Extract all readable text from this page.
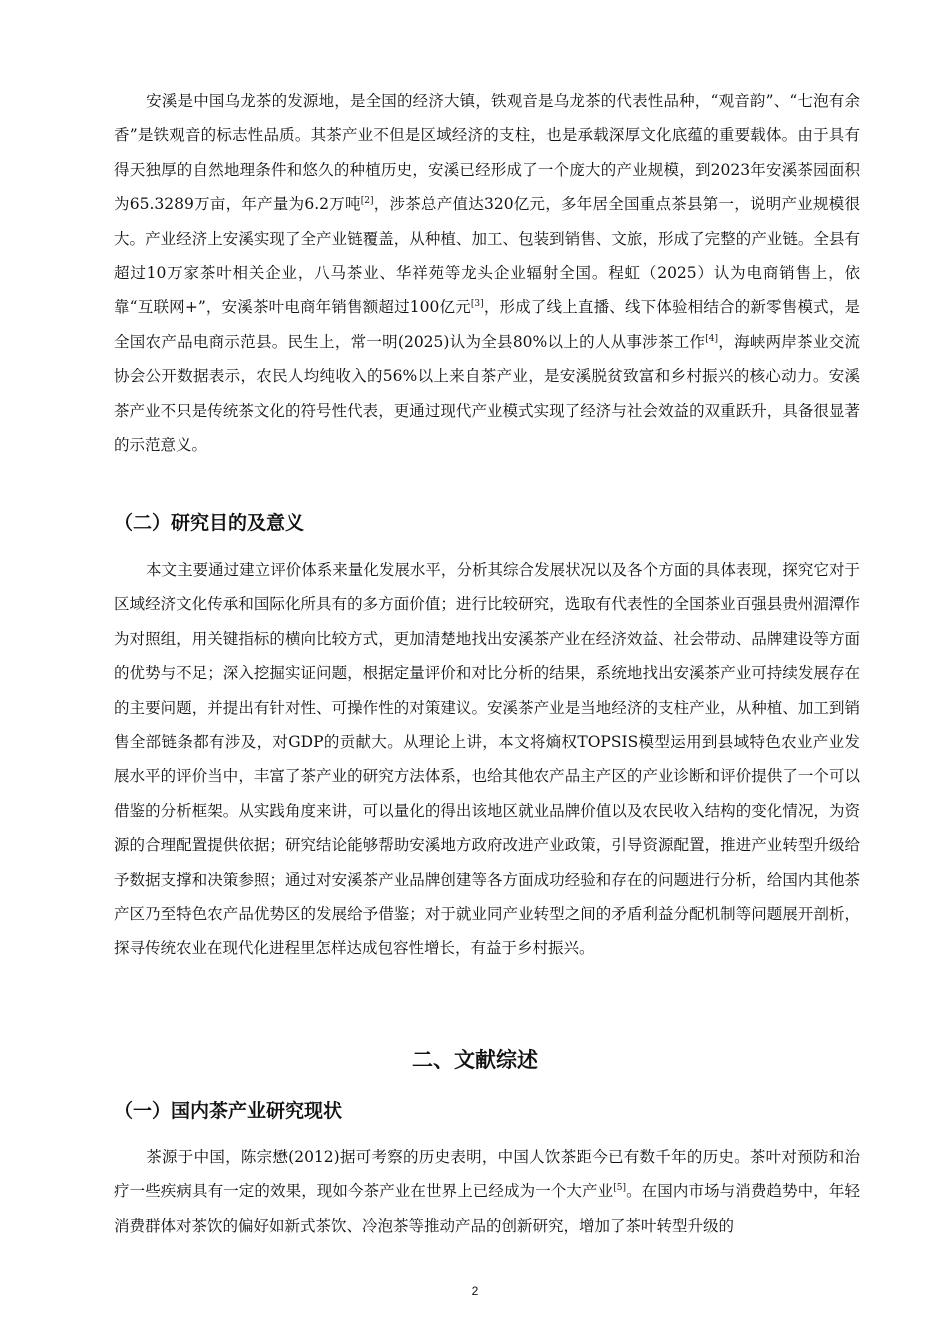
安溪是中国乌龙茶的发源地，是全国的经济大镇，铁观音是乌龙茶的代表性品种，“观音韵”、“七泡有余香”是铁观音的标志性品质。其茶产业不但是区域经济的支柱，也是承载深厚文化底蕴的重要载体。由于具有得天独厚的自然地理条件和悠久的种植历史，安溪已经形成了一个庞大的产业规模，到2023年安溪茶园面积为65.3289万亩，年产量为6.2万吨[2]，涉茶总产值达320亿元，多年居全国重点茶县第一，说明产业规模很大。产业经济上安溪实现了全产业链覆盖，从种植、加工、包装到销售、文旅，形成了完整的产业链。全县有超过10万家茶叶相关企业，八马茶业、华祥苑等龙头企业辐射全国。程虹（2025）认为电商销售上，依靠“互联网+”，安溪茶叶电商年销售额超过100亿元[3]，形成了线上直播、线下体验相结合的新零售模式，是全国农产品电商示范县。民生上，常一明(2025)认为全县80%以上的人从事涉茶工作[4]，海峡两岸茶业交流协会公开数据表示，农民人均纯收入的56%以上来自茶产业，是安溪脱贫致富和乡村振兴的核心动力。安溪茶产业不只是传统茶文化的符号性代表，更通过现代产业模式实现了经济与社会效益的双重跃升，具备很显著的示范意义。

（二）研究目的及意义

本文主要通过建立评价体系来量化发展水平，分析其综合发展状况以及各个方面的具体表现，探究它对于区域经济文化传承和国际化所具有的多方面价值；进行比较研究，选取有代表性的全国茶业百强县贵州湄潭作为对照组，用关键指标的横向比较方式，更加清楚地找出安溪茶产业在经济效益、社会带动、品牌建设等方面的优势与不足；深入挖掘实证问题，根据定量评价和对比分析的结果，系统地找出安溪茶产业可持续发展存在的主要问题，并提出有针对性、可操作性的对策建议。安溪茶产业是当地经济的支柱产业，从种植、加工到销售全部链条都有涉及，对GDP的贡献大。从理论上讲，本文将熵权TOPSIS模型运用到县域特色农业产业发展水平的评价当中，丰富了茶产业的研究方法体系，也给其他农产品主产区的产业诊断和评价提供了一个可以借鉴的分析框架。从实践角度来讲，可以量化的得出该地区就业品牌价值以及农民收入结构的变化情况，为资源的合理配置提供依据；研究结论能够帮助安溪地方政府改进产业政策，引导资源配置，推进产业转型升级给予数据支撑和决策参照；通过对安溪茶产业品牌创建等各方面成功经验和存在的问题进行分析，给国内其他茶产区乃至特色农产品优势区的发展给予借鉴；对于就业同产业转型之间的矛盾利益分配机制等问题展开剖析，探寻传统农业在现代化进程里怎样达成包容性增长，有益于乡村振兴。

二、文献综述
（一）国内茶产业研究现状

茶源于中国，陈宗懋(2012)据可考察的历史表明，中国人饮茶距今已有数千年的历史。茶叶对预防和治疗一些疾病具有一定的效果，现如今茶产业在世界上已经成为一个大产业[5]。在国内市场与消费趋势中，年轻消费群体对茶饮的偏好如新式茶饮、冷泡茶等推动产品的创新研究，增加了茶叶转型升级的

2
